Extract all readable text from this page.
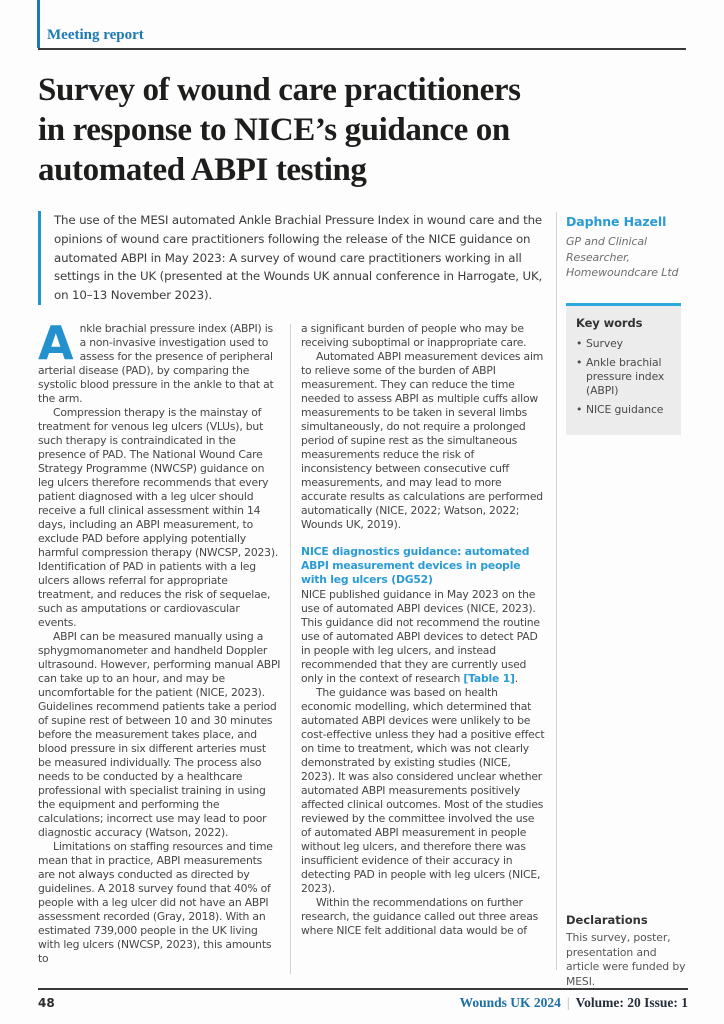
Meeting report
Survey of wound care practitioners
in response to NICE’s guidance on
automated ABPI testing
The use of the MESI automated Ankle Brachial Pressure Index in wound care and the opinions of wound care practitioners following the release of the NICE guidance on automated ABPI in May 2023: A survey of wound care practitioners working in all settings in the UK (presented at the Wounds UK annual conference in Harrogate, UK, on 10–13 November 2023).
Daphne Hazell
GP and Clinical Researcher, Homewoundcare Ltd
Key words
• Survey
• Ankle brachial pressure index (ABPI)
• NICE guidance

Ankle brachial pressure index (ABPI) is a non-invasive investigation used to assess for the presence of peripheral arterial disease (PAD), by comparing the systolic blood pressure in the ankle to that at the arm.

Compression therapy is the mainstay of treatment for venous leg ulcers (VLUs), but such therapy is contraindicated in the presence of PAD. The National Wound Care Strategy Programme (NWCSP) guidance on leg ulcers therefore recommends that every patient diagnosed with a leg ulcer should receive a full clinical assessment within 14 days, including an ABPI measurement, to exclude PAD before applying potentially harmful compression therapy (NWCSP, 2023). Identification of PAD in patients with a leg ulcers allows referral for appropriate treatment, and reduces the risk of sequelae, such as amputations or cardiovascular events.

ABPI can be measured manually using a sphygmomanometer and handheld Doppler ultrasound. However, performing manual ABPI can take up to an hour, and may be uncomfortable for the patient (NICE, 2023). Guidelines recommend patients take a period of supine rest of between 10 and 30 minutes before the measurement takes place, and blood pressure in six different arteries must be measured individually. The process also needs to be conducted by a healthcare professional with specialist training in using the equipment and performing the calculations; incorrect use may lead to poor diagnostic accuracy (Watson, 2022).

Limitations on staffing resources and time mean that in practice, ABPI measurements are not always conducted as directed by guidelines. A 2018 survey found that 40% of people with a leg ulcer did not have an ABPI assessment recorded (Gray, 2018). With an estimated 739,000 people in the UK living with leg ulcers (NWCSP, 2023), this amounts to

a significant burden of people who may be receiving suboptimal or inappropriate care.

Automated ABPI measurement devices aim to relieve some of the burden of ABPI measurement. They can reduce the time needed to assess ABPI as multiple cuffs allow measurements to be taken in several limbs simultaneously, do not require a prolonged period of supine rest as the simultaneous measurements reduce the risk of inconsistency between consecutive cuff measurements, and may lead to more accurate results as calculations are performed automatically (NICE, 2022; Watson, 2022; Wounds UK, 2019).

NICE diagnostics guidance: automated ABPI measurement devices in people with leg ulcers (DG52)

NICE published guidance in May 2023 on the use of automated ABPI devices (NICE, 2023). This guidance did not recommend the routine use of automated ABPI devices to detect PAD in people with leg ulcers, and instead recommended that they are currently used only in the context of research [Table 1].

The guidance was based on health economic modelling, which determined that automated ABPI devices were unlikely to be cost-effective unless they had a positive effect on time to treatment, which was not clearly demonstrated by existing studies (NICE, 2023). It was also considered unclear whether automated ABPI measurements positively affected clinical outcomes. Most of the studies reviewed by the committee involved the use of automated ABPI measurement in people without leg ulcers, and therefore there was insufficient evidence of their accuracy in detecting PAD in people with leg ulcers (NICE, 2023).

Within the recommendations on further research, the guidance called out three areas where NICE felt additional data would be of

Declarations
This survey, poster, presentation and article were funded by MESI.
48	Wounds UK 2024 | Volume: 20 Issue: 1
